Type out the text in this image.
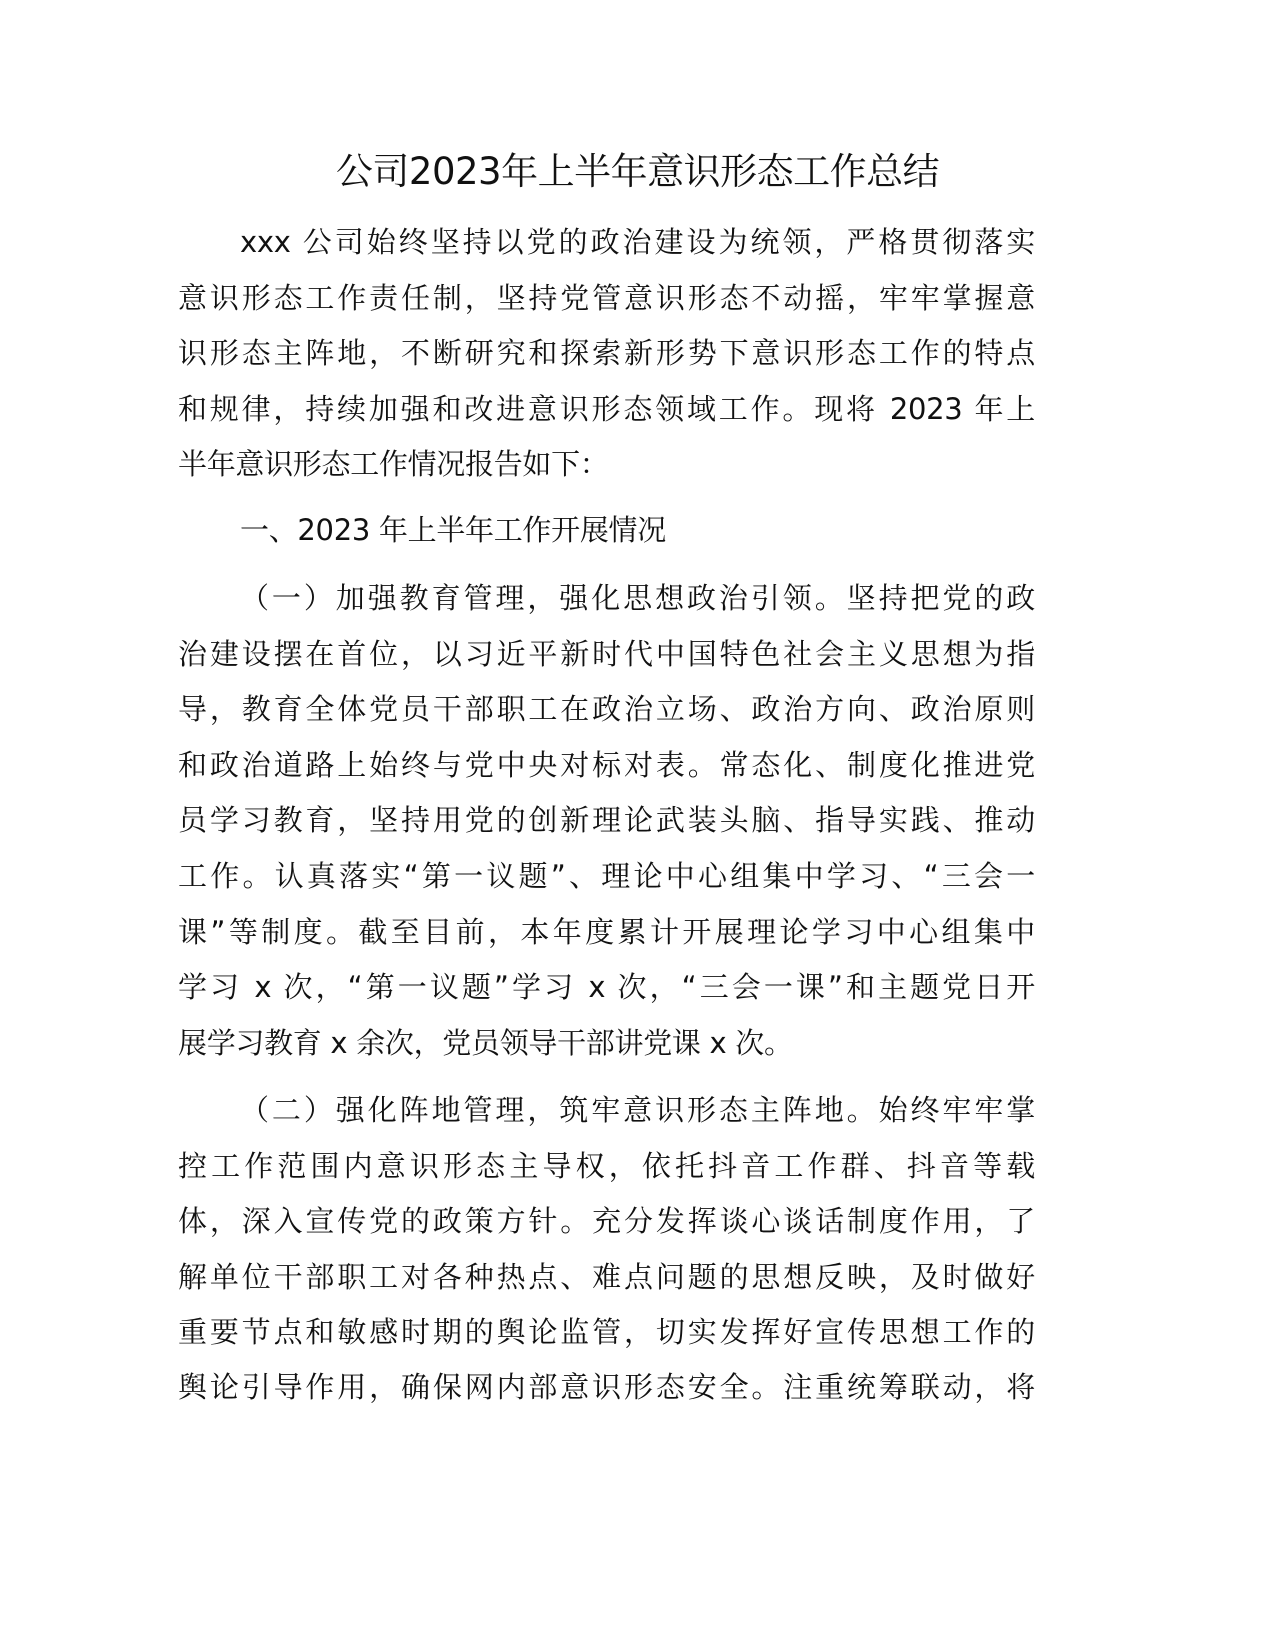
公司2023年上半年意识形态工作总结
xxx 公司始终坚持以党的政治建设为统领，严格贯彻落实
意识形态工作责任制，坚持党管意识形态不动摇，牢牢掌握意
识形态主阵地，不断研究和探索新形势下意识形态工作的特点
和规律，持续加强和改进意识形态领域工作。现将 2023 年上
半年意识形态工作情况报告如下：
一、2023 年上半年工作开展情况
（一）加强教育管理，强化思想政治引领。坚持把党的政
治建设摆在首位，以习近平新时代中国特色社会主义思想为指
导，教育全体党员干部职工在政治立场、政治方向、政治原则
和政治道路上始终与党中央对标对表。常态化、制度化推进党
员学习教育，坚持用党的创新理论武装头脑、指导实践、推动
工作。认真落实“第一议题”、理论中心组集中学习、“三会一
课”等制度。截至目前，本年度累计开展理论学习中心组集中
学习 x 次，“第一议题”学习 x 次，“三会一课”和主题党日开
展学习教育 x 余次，党员领导干部讲党课 x 次。
（二）强化阵地管理，筑牢意识形态主阵地。始终牢牢掌
控工作范围内意识形态主导权，依托抖音工作群、抖音等载
体，深入宣传党的政策方针。充分发挥谈心谈话制度作用，了
解单位干部职工对各种热点、难点问题的思想反映，及时做好
重要节点和敏感时期的舆论监管，切实发挥好宣传思想工作的
舆论引导作用，确保网内部意识形态安全。注重统筹联动，将
